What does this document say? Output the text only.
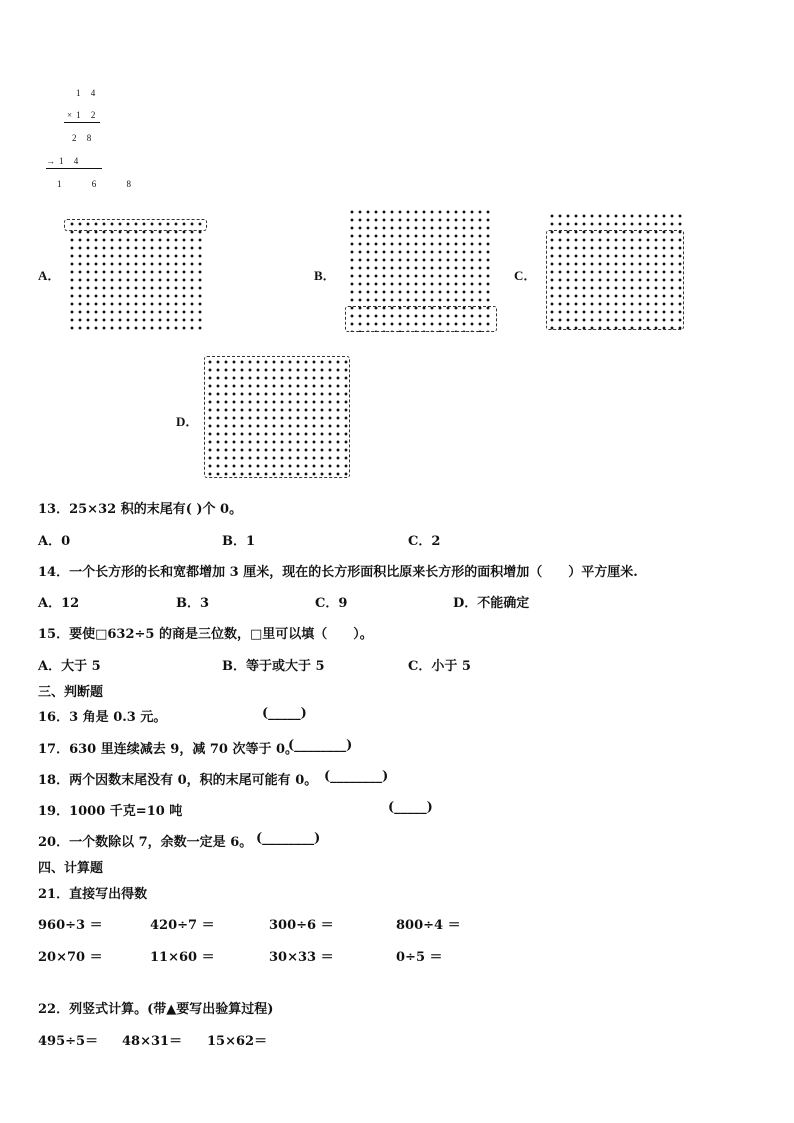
1 4
×1 2
2 8
→1 4
1 6 8
A．	B．	C．
D．
13．25×32 积的末尾有( )个 0。
A．0	B．1	C．2
14．一个长方形的长和宽都增加 3 厘米，现在的长方形面积比原来长方形的面积增加（　　）平方厘米.
A．12	B．3	C．9	D．不能确定
15．要使□632÷5 的商是三位数，□里可以填（　　）。
A．大于 5	B．等于或大于 5	C．小于 5
三、判断题
16．3 角是 0.3 元。	(_____)
17．630 里连续减去 9，减 70 次等于 0。
(________)
18．两个因数末尾没有 0，积的末尾可能有 0。 (________)
19．1000 千克=10 吨	(_____)
20．一个数除以 7，余数一定是 6。 (________)
四、计算题
21．直接写出得数
960÷3 ＝	420÷7 ＝	300÷6 ＝	800÷4 ＝
20×70 ＝	11×60 ＝	30×33 ＝	0÷5 ＝
22．列竖式计算。(带▲要写出验算过程)
495÷5＝ 48×31＝ 15×62＝
